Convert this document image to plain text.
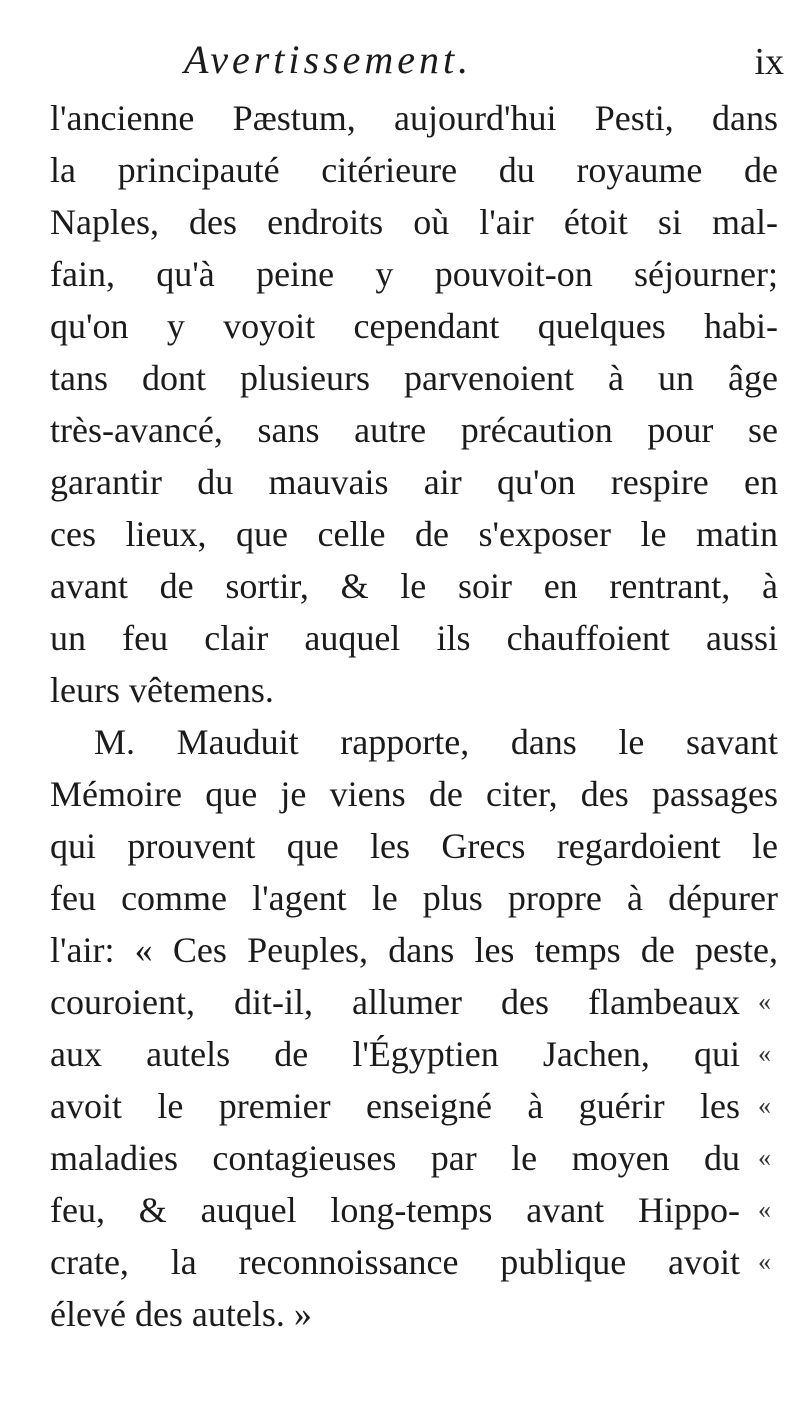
Avertissement.	ix
l'ancienne Pæstum, aujourd'hui Pesti, dans
la principauté citérieure du royaume de
Naples, des endroits où l'air étoit si mal-
fain, qu'à peine y pouvoit-on séjourner;
qu'on y voyoit cependant quelques habi-
tans dont plusieurs parvenoient à un âge
très-avancé, sans autre précaution pour se
garantir du mauvais air qu'on respire en
ces lieux, que celle de s'exposer le matin
avant de sortir, & le soir en rentrant, à
un feu clair auquel ils chauffoient aussi
leurs vêtemens.
M. Mauduit rapporte, dans le savant
Mémoire que je viens de citer, des passages
qui prouvent que les Grecs regardoient le
feu comme l'agent le plus propre à dépurer
l'air: « Ces Peuples, dans les temps de peste,
couroient, dit-il, allumer des flambeaux «
aux autels de l'Égyptien Jachen, qui «
avoit le premier enseigné à guérir les «
maladies contagieuses par le moyen du «
feu, & auquel long-temps avant Hippo- «
crate, la reconnoissance publique avoit «
élevé des autels. »
